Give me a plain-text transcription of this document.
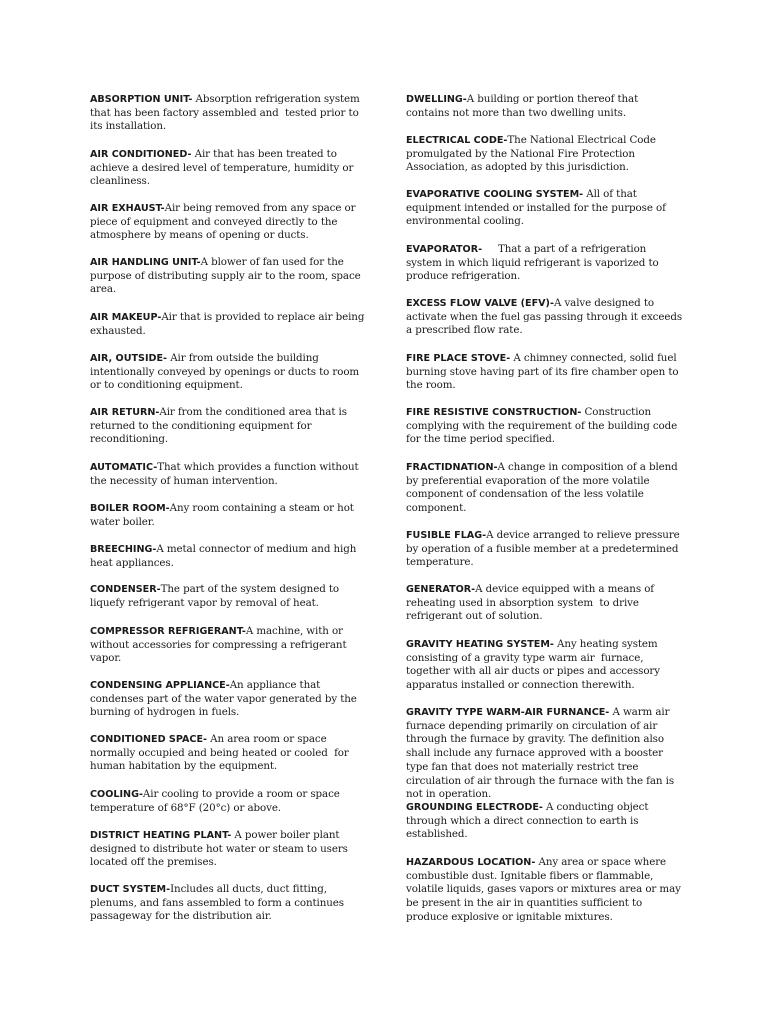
ABSORPTION UNIT- Absorption refrigeration system that has been factory assembled and  tested prior to its installation.

AIR CONDITIONED- Air that has been treated to achieve a desired level of temperature, humidity or cleanliness.

AIR EXHAUST-Air being removed from any space or piece of equipment and conveyed directly to the atmosphere by means of opening or ducts.

AIR HANDLING UNIT-A blower of fan used for the purpose of distributing supply air to the room, space area.

AIR MAKEUP-Air that is provided to replace air being exhausted.

AIR, OUTSIDE- Air from outside the building intentionally conveyed by openings or ducts to room or to conditioning equipment.

AIR RETURN-Air from the conditioned area that is returned to the conditioning equipment for reconditioning.

AUTOMATIC-That which provides a function without the necessity of human intervention.

BOILER ROOM-Any room containing a steam or hot water boiler.

BREECHING-A metal connector of medium and high heat appliances.

CONDENSER-The part of the system designed to liquefy refrigerant vapor by removal of heat.

COMPRESSOR REFRIGERANT-A machine, with or without accessories for compressing a refrigerant vapor.

CONDENSING APPLIANCE-An appliance that condenses part of the water vapor generated by the burning of hydrogen in fuels.

CONDITIONED SPACE- An area room or space normally occupied and being heated or cooled  for human habitation by the equipment.

COOLING-Air cooling to provide a room or space temperature of 68°F (20°c) or above.

DISTRICT HEATING PLANT- A power boiler plant designed to distribute hot water or steam to users located off the premises.

DUCT SYSTEM-Includes all ducts, duct fitting, plenums, and fans assembled to form a continues passageway for the distribution air.

DWELLING-A building or portion thereof that contains not more than two dwelling units.

ELECTRICAL CODE-The National Electrical Code promulgated by the National Fire Protection Association, as adopted by this jurisdiction.

EVAPORATIVE COOLING SYSTEM- All of that equipment intended or installed for the purpose of environmental cooling.

EVAPORATOR-     That a part of a refrigeration system in which liquid refrigerant is vaporized to produce refrigeration.

EXCESS FLOW VALVE (EFV)-A valve designed to activate when the fuel gas passing through it exceeds a prescribed flow rate.

FIRE PLACE STOVE- A chimney connected, solid fuel burning stove having part of its fire chamber open to the room.

FIRE RESISTIVE CONSTRUCTION- Construction complying with the requirement of the building code for the time period specified.

FRACTIDNATION-A change in composition of a blend by preferential evaporation of the more volatile component of condensation of the less volatile component.

FUSIBLE FLAG-A device arranged to relieve pressure by operation of a fusible member at a predetermined temperature.

GENERATOR-A device equipped with a means of reheating used in absorption system  to drive refrigerant out of solution.

GRAVITY HEATING SYSTEM- Any heating system consisting of a gravity type warm air  furnace, together with all air ducts or pipes and accessory apparatus installed or connection therewith.

GRAVITY TYPE WARM-AIR FURNANCE- A warm air furnace depending primarily on circulation of air through the furnace by gravity. The definition also shall include any furnace approved with a booster type fan that does not materially restrict tree circulation of air through the furnace with the fan is not in operation.

GROUNDING ELECTRODE- A conducting object through which a direct connection to earth is established.

HAZARDOUS LOCATION- Any area or space where combustible dust. Ignitable fibers or flammable, volatile liquids, gases vapors or mixtures area or may be present in the air in quantities sufficient to produce explosive or ignitable mixtures.
